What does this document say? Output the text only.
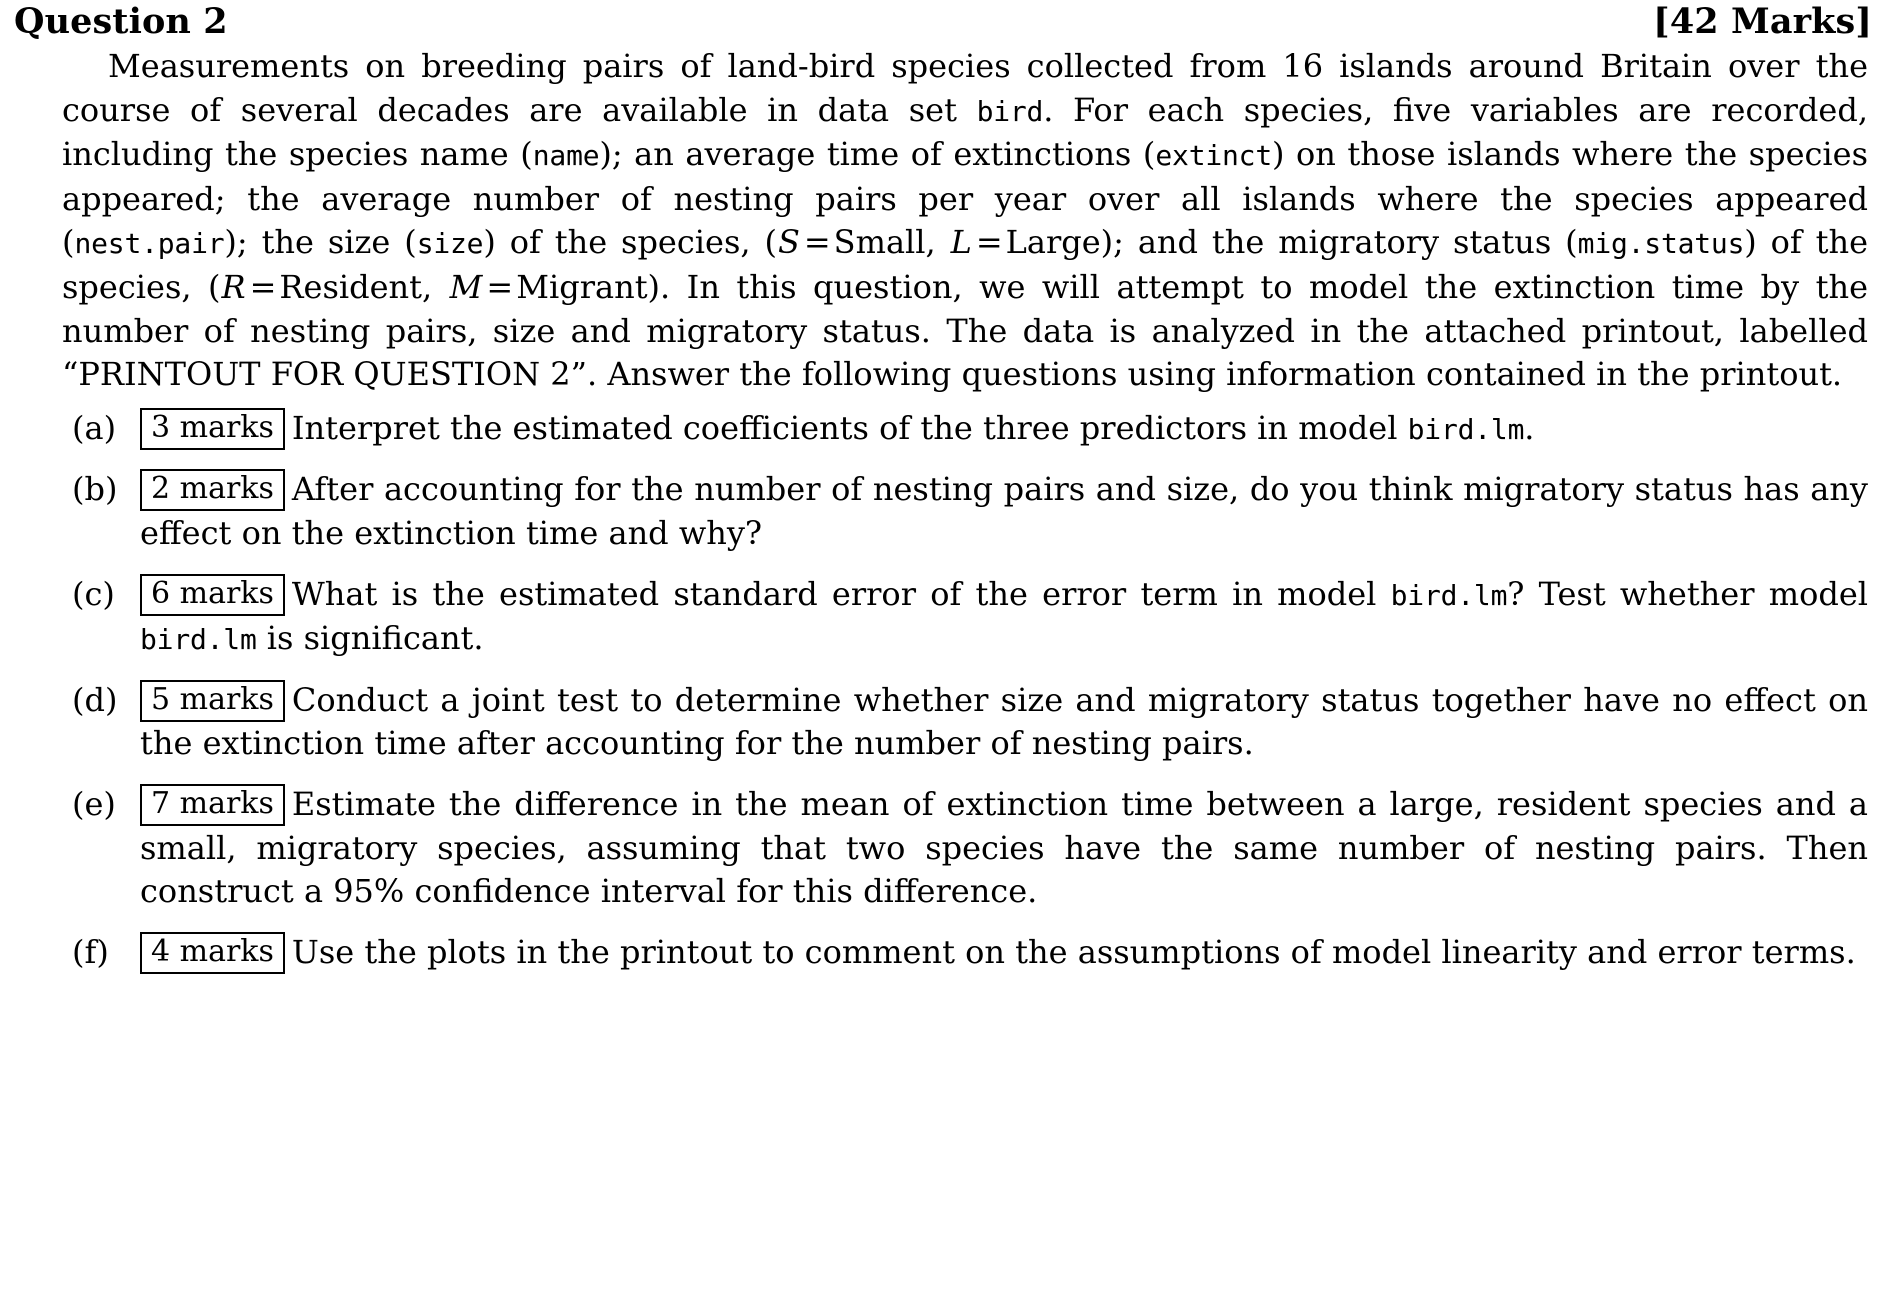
Question 2	[42 Marks]

Measurements on breeding pairs of land-bird species collected from 16 islands around Britain over the course of several decades are available in data set bird. For each species, five variables are recorded, including the species name (name); an average time of extinctions (extinct) on those islands where the species appeared; the average number of nesting pairs per year over all islands where the species appeared (nest.pair); the size (size) of the species, (S =Small, L =Large); and the migratory status (mig.status) of the species, (R =Resident, M =Migrant). In this question, we will attempt to model the extinction time by the number of nesting pairs, size and migratory status. The data is analyzed in the attached printout, labelled “PRINTOUT FOR QUESTION 2”. Answer the following questions using information contained in the printout.

(a)	3 marks Interpret the estimated coefficients of the three predictors in model bird.lm.
(b)	2 marks After accounting for the number of nesting pairs and size, do you think migratory status has any effect on the extinction time and why?
(c)	6 marks What is the estimated standard error of the error term in model bird.lm? Test whether model bird.lm is significant.
(d)	5 marks Conduct a joint test to determine whether size and migratory status together have no effect on the extinction time after accounting for the number of nesting pairs.
(e)	7 marks Estimate the difference in the mean of extinction time between a large, resident species and a small, migratory species, assuming that two species have the same number of nesting pairs. Then construct a 95% confidence interval for this difference.
(f)	4 marks Use the plots in the printout to comment on the assumptions of model linearity and error terms.
